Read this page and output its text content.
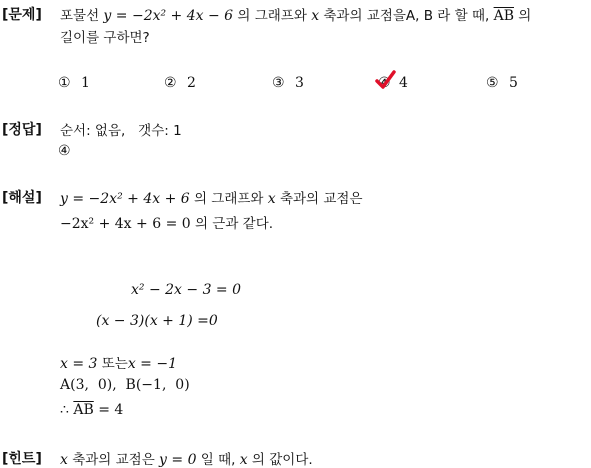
[문제] 포물선 y = −2x² + 4x − 6 의 그래프와 x 축과의 교점을A, B 라 할 때, $\overline{AB}$ 의
길이를 구하면?
① 1	② 2	③ 3	④ 4	⑤ 5
[정답] 순서: 없음,   갯수: 1
④
[해설] y = −2x² + 4x + 6 의 그래프와 x 축과의 교점은
−2x² + 4x + 6 = 0 의 근과 같다.
x² − 2x − 3 = 0
(x − 3)(x + 1) =0
x = 3 또는x = −1
A(3,  0),  B(−1,  0)
∴ $\overline{AB} = 4$
[힌트] x 축과의 교점은 y = 0 일 때, x 의 값이다.
